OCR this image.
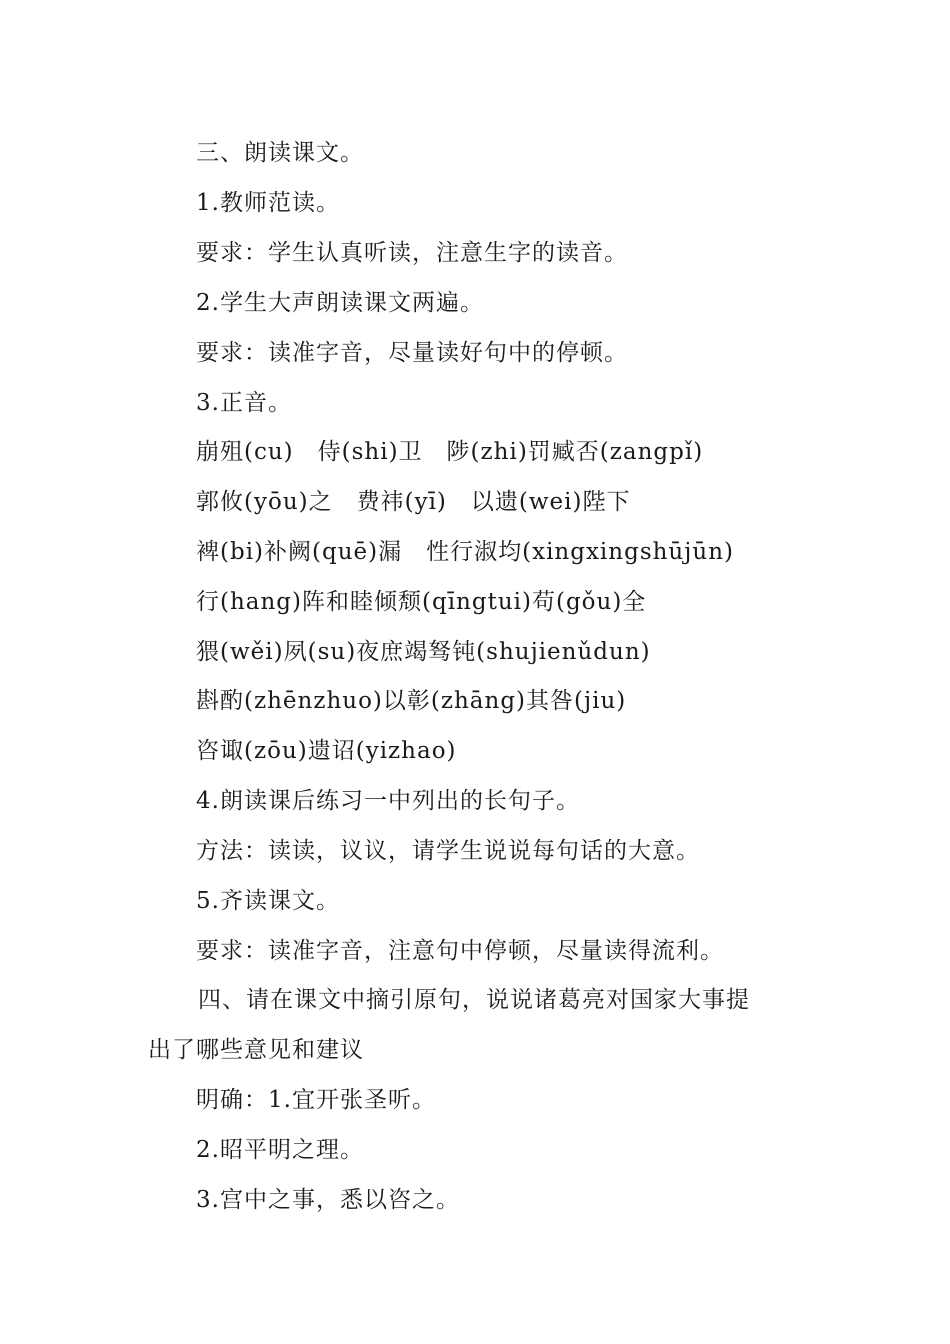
三、朗读课文。
1.教师范读。
要求：学生认真听读，注意生字的读音。
2.学生大声朗读课文两遍。
要求：读准字音，尽量读好句中的停顿。
3.正音。
崩殂(cu)　侍(shi)卫　陟(zhi)罚臧否(zangpǐ)
郭攸(yōu)之　费祎(yī)　以遗(wei)陛下
裨(bi)补阙(quē)漏　性行淑均(xingxingshūjūn)
行(hang)阵和睦倾颓(qīngtui)苟(gǒu)全
猥(wěi)夙(su)夜庶竭驽钝(shujienǔdun)
斟酌(zhēnzhuo)以彰(zhāng)其咎(jiu)
咨诹(zōu)遗诏(yizhao)
4.朗读课后练习一中列出的长句子。
方法：读读，议议，请学生说说每句话的大意。
5.齐读课文。
要求：读准字音，注意句中停顿，尽量读得流利。
四、请在课文中摘引原句，说说诸葛亮对国家大事提
出了哪些意见和建议
明确：1.宜开张圣听。
2.昭平明之理。
3.宫中之事，悉以咨之。
